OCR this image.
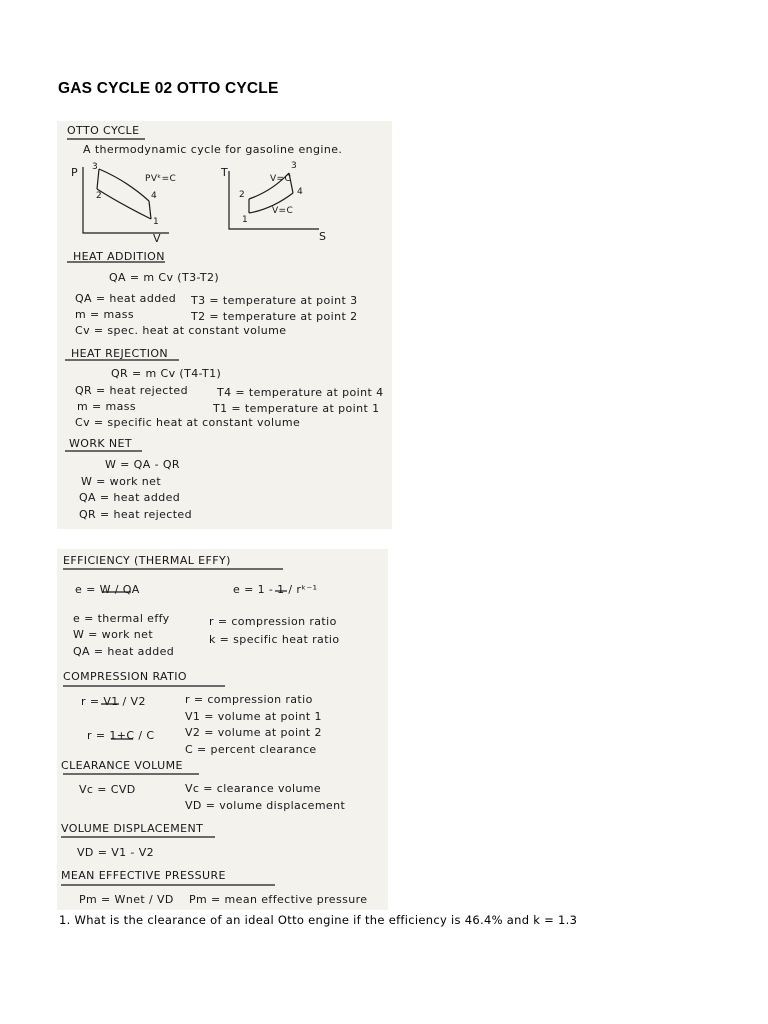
GAS CYCLE 02 OTTO CYCLE
OTTO CYCLE
A thermodynamic cycle for gasoline engine.
P
V
PVᵏ=C
1
2
3
4
T
S
V=C
V=C
1
2
3
4
HEAT ADDITION
QA = m Cv (T3-T2)
QA = heat added
m = mass
Cv = spec. heat at constant volume
T3 = temperature at point 3
T2 = temperature at point 2
HEAT REJECTION
QR = m Cv (T4-T1)
QR = heat rejected
m = mass
Cv = specific heat at constant volume
T4 = temperature at point 4
T1 = temperature at point 1
WORK NET
W = QA - QR
W = work net
QA = heat added
QR = heat rejected
EFFICIENCY (THERMAL EFFY)
e = W / QA	e = 1 - 1 / rᵏ⁻¹
e = thermal effy
W = work net
QA = heat added
r = compression ratio
k = specific heat ratio
COMPRESSION RATIO
r = V1 / V2
r = 1+C / C
r = compression ratio
V1 = volume at point 1
V2 = volume at point 2
C = percent clearance
CLEARANCE VOLUME
Vc = CVD	Vc = clearance volume
VD = volume displacement
VOLUME DISPLACEMENT
VD = V1 - V2
MEAN EFFECTIVE PRESSURE
Pm = Wnet / VD Pm = mean effective pressure
1. What is the clearance of an ideal Otto engine if the efficiency is 46.4% and k = 1.3
